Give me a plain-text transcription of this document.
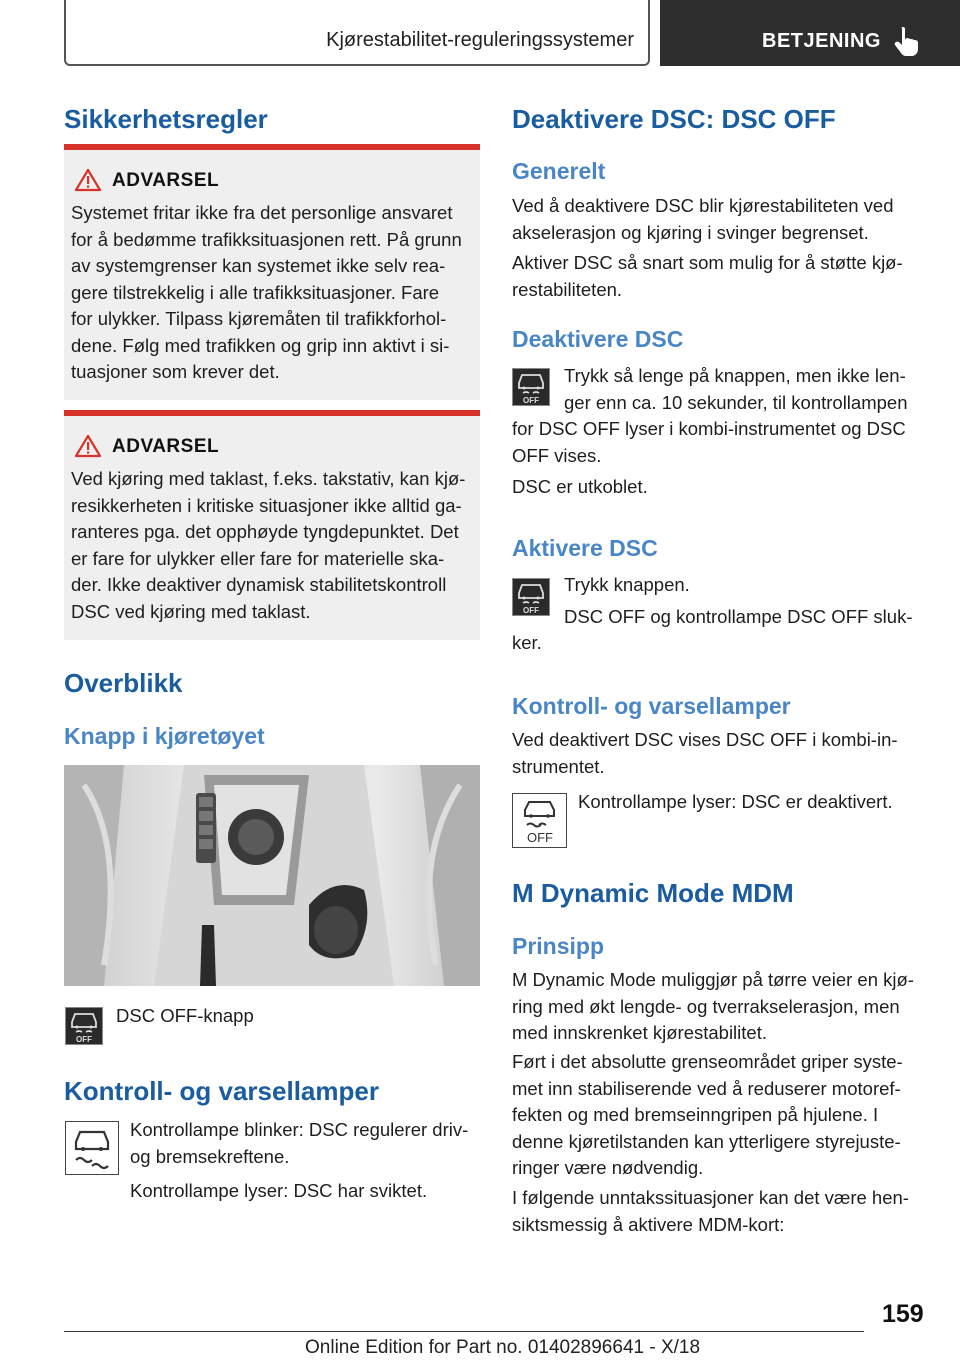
Kjørestabilitet-reguleringssystemer	BETJENING
Sikkerhetsregler
ADVARSEL
Systemet fritar ikke fra det personlige ansvaret
for å bedømme trafikksituasjonen rett. På grunn
av systemgrenser kan systemet ikke selv rea-
gere tilstrekkelig i alle trafikksituasjoner. Fare
for ulykker. Tilpass kjøremåten til trafikkforhol-
dene. Følg med trafikken og grip inn aktivt i si-
tuasjoner som krever det.
ADVARSEL
Ved kjøring med taklast, f.eks. takstativ, kan kjø-
resikkerheten i kritiske situasjoner ikke alltid ga-
ranteres pga. det opphøyde tyngdepunktet. Det
er fare for ulykker eller fare for materielle ska-
der. Ikke deaktiver dynamisk stabilitetskontroll
DSC ved kjøring med taklast.
Overblikk
Knapp i kjøretøyet
OFF
DSC OFF-knapp
Kontroll- og varsellamper
Kontrollampe blinker: DSC regulerer driv-
og bremsekreftene.
Kontrollampe lyser: DSC har sviktet.
Deaktivere DSC: DSC OFF
Generelt
Ved å deaktivere DSC blir kjørestabiliteten ved
akselerasjon og kjøring i svinger begrenset.
Aktiver DSC så snart som mulig for å støtte kjø-
restabiliteten.
Deaktivere DSC
OFF
Trykk så lenge på knappen, men ikke len-
ger enn ca. 10 sekunder, til kontrollampen
for DSC OFF lyser i kombi-instrumentet og DSC
OFF vises.
DSC er utkoblet.
Aktivere DSC
OFF
Trykk knappen.
DSC OFF og kontrollampe DSC OFF sluk-
ker.
Kontroll- og varsellamper
Ved deaktivert DSC vises DSC OFF i kombi-in-
strumentet.
OFF
Kontrollampe lyser: DSC er deaktivert.
M Dynamic Mode MDM
Prinsipp
M Dynamic Mode muliggjør på tørre veier en kjø-
ring med økt lengde- og tverrakselerasjon, men
med innskrenket kjørestabilitet.
Ført i det absolutte grenseområdet griper syste-
met inn stabiliserende ved å reduserer motoref-
fekten og med bremseinngripen på hjulene. I
denne kjøretilstanden kan ytterligere styrejuste-
ringer være nødvendig.
I følgende unntakssituasjoner kan det være hen-
siktsmessig å aktivere MDM-kort:
159
Online Edition for Part no. 01402896641 - X/18
